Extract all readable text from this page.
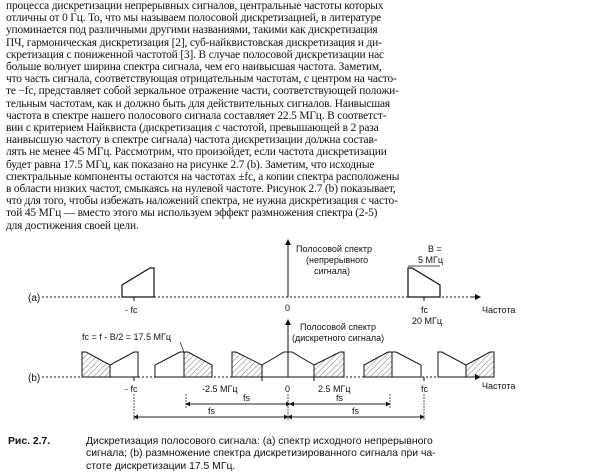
процесса дискретизации непрерывных сигналов, центральные частоты которых
отличны от 0 Гц. То, что мы называем полосовой дискретизацией, в литературе
упоминается под различными другими названиями, такими как дискретизация
ПЧ, гармоническая дискретизация [2], суб-найквистовская дискретизация и ди-
скретизация с пониженной частотой [3]. В случае полосовой дискретизации нас
больше волнует ширина спектра сигнала, чем его наивысшая частота. Заметим,
что часть сигнала, соответствующая отрицательным частотам, с центром на часто-
те −fc, представляет собой зеркальное отражение части, соответствующей положи-
тельным частотам, как и должно быть для действительных сигналов. Наивысшая
частота в спектре нашего полосового сигнала составляет 22.5 МГц. В соответст-
вии с критерием Найквиста (дискретизация с частотой, превышающей в 2 раза
наивысшую частоту в спектре сигнала) частота дискретизации должна состав-
лять не менее 45 МГц. Рассмотрим, что произойдет, если частота дискретизации
будет равна 17.5 МГц, как показано на рисунке 2.7 (b). Заметим, что исходные
спектральные компоненты остаются на частотах ±fc, а копии спектра расположены
в области низких частот, смыкаясь на нулевой частоте. Рисунок 2.7 (b) показывает,
что для того, чтобы избежать наложений спектра, не нужна дискретизация с часто-
той 45 МГц — вместо этого мы используем эффект размножения спектра (2-5)
для достижения своей цели.
(a)
Частота
0
- fc	fc
20 МГц
B =
5 МГц
Полосовой спектр
(непрерывного
сигнала)
(b)
Частота
- fc	-2.5 МГц	0	2.5 МГц	fc
fc = f - B/2 = 17.5 МГц
Полосовой спектр
(дискретного сигнала)
fs	fs
fs	fs
Рис. 2.7.	Дискретизация полосового сигнала: (a) спектр исходного непрерывного
сигнала; (b) размножение спектра дискретизированного сигнала при ча-
стоте дискретизации 17.5 МГц.
